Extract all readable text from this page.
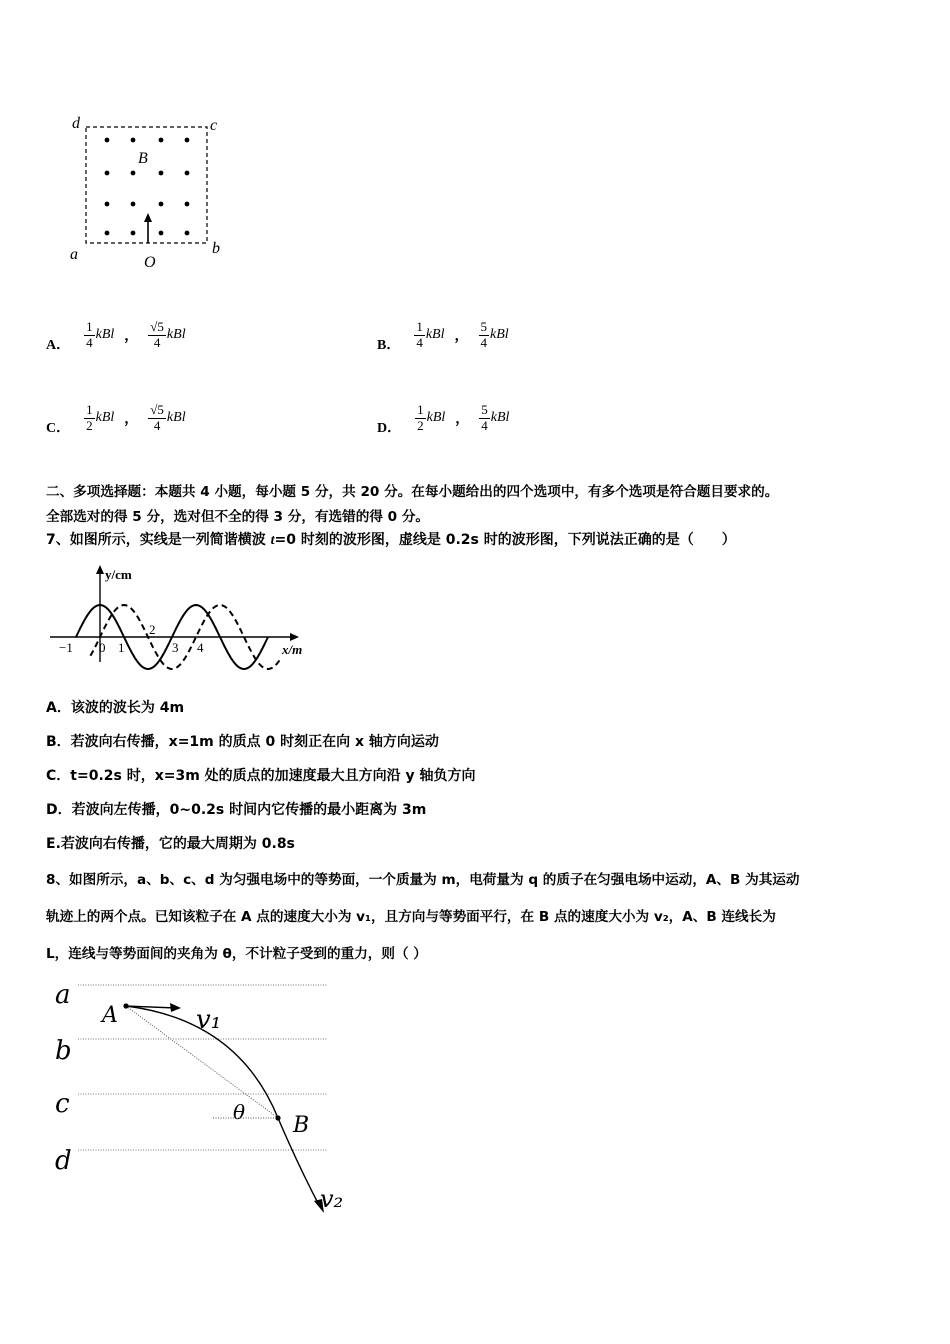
d	c
a	b
B
O
A． $\frac{1}{4}$ kBl ， $\frac{√5}{4}$ kBl
B． $\frac{1}{4}$ kBl ， $\frac{5}{4}$ kBl
C． $\frac{1}{2}$ kBl ， $\frac{√5}{4}$ kBl
D． $\frac{1}{2}$ kBl ， $\frac{5}{4}$ kBl
二、多项选择题：本题共 4 小题，每小题 5 分，共 20 分。在每小题给出的四个选项中，有多个选项是符合题目要求的。
全部选对的得 5 分，选对但不全的得 3 分，有选错的得 0 分。
7、如图所示，实线是一列简谐横波 t=0 时刻的波形图，虚线是 0.2s 时的波形图，下列说法正确的是（　　）
y/cm
x/m
−1 0 1
2
3 4
A．该波的波长为 4m
B．若波向右传播，x=1m 的质点 0 时刻正在向 x 轴方向运动
C．t=0.2s 时，x=3m 处的质点的加速度最大且方向沿 y 轴负方向
D．若波向左传播，0~0.2s 时间内它传播的最小距离为 3m
E.若波向右传播，它的最大周期为 0.8s
8、如图所示，a、b、c、d 为匀强电场中的等势面，一个质量为 m，电荷量为 q 的质子在匀强电场中运动，A、B 为其运动
轨迹上的两个点。已知该粒子在 A 点的速度大小为 v₁，且方向与等势面平行，在 B 点的速度大小为 v₂，A、B 连线长为
L，连线与等势面间的夹角为 θ，不计粒子受到的重力，则（ ）
a
b
c
d
A
B
θ
v₁
v₂
